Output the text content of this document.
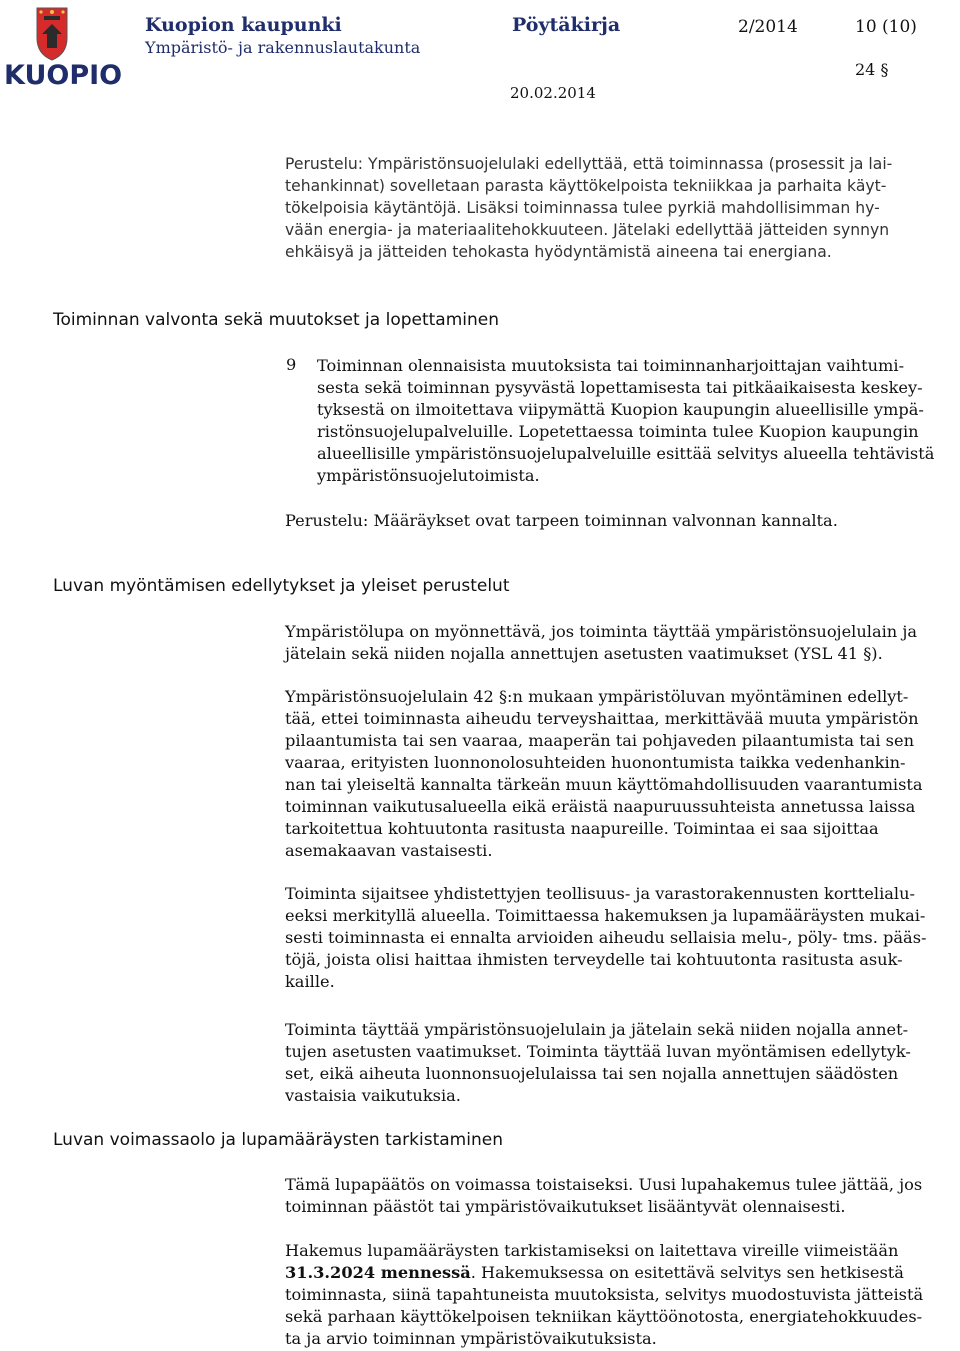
KUOPIO
Kuopion kaupunki	Pöytäkirja	2/2014	10 (10)
Ympäristö- ja rakennuslautakunta
24 §
20.02.2014
Perustelu: Ympäristönsuojelulaki edellyttää, että toiminnassa (prosessit ja lai-
tehankinnat) sovelletaan parasta käyttökelpoista tekniikkaa ja parhaita käyt-
tökelpoisia käytäntöjä. Lisäksi toiminnassa tulee pyrkiä mahdollisimman hy-
vään energia- ja materiaalitehokkuuteen. Jätelaki edellyttää jätteiden synnyn
ehkäisyä ja jätteiden tehokasta hyödyntämistä aineena tai energiana.
Toiminnan valvonta sekä muutokset ja lopettaminen
9 Toiminnan olennaisista muutoksista tai toiminnanharjoittajan vaihtumi-
sesta sekä toiminnan pysyvästä lopettamisesta tai pitkäaikaisesta keskey-
tyksestä on ilmoitettava viipymättä Kuopion kaupungin alueellisille ympä-
ristönsuojelupalveluille. Lopetettaessa toiminta tulee Kuopion kaupungin
alueellisille ympäristönsuojelupalveluille esittää selvitys alueella tehtävistä
ympäristönsuojelutoimista.
Perustelu: Määräykset ovat tarpeen toiminnan valvonnan kannalta.
Luvan myöntämisen edellytykset ja yleiset perustelut
Ympäristölupa on myönnettävä, jos toiminta täyttää ympäristönsuojelulain ja
jätelain sekä niiden nojalla annettujen asetusten vaatimukset (YSL 41 §).
Ympäristönsuojelulain 42 §:n mukaan ympäristöluvan myöntäminen edellyt-
tää, ettei toiminnasta aiheudu terveyshaittaa, merkittävää muuta ympäristön
pilaantumista tai sen vaaraa, maaperän tai pohjaveden pilaantumista tai sen
vaaraa, erityisten luonnonolosuhteiden huonontumista taikka vedenhankin-
nan tai yleiseltä kannalta tärkeän muun käyttömahdollisuuden vaarantumista
toiminnan vaikutusalueella eikä eräistä naapuruussuhteista annetussa laissa
tarkoitettua kohtuutonta rasitusta naapureille. Toimintaa ei saa sijoittaa
asemakaavan vastaisesti.
Toiminta sijaitsee yhdistettyjen teollisuus- ja varastorakennusten korttelialu-
eeksi merkityllä alueella. Toimittaessa hakemuksen ja lupamääräysten mukai-
sesti toiminnasta ei ennalta arvioiden aiheudu sellaisia melu-, pöly- tms. pääs-
töjä, joista olisi haittaa ihmisten terveydelle tai kohtuutonta rasitusta asuk-
kaille.
Toiminta täyttää ympäristönsuojelulain ja jätelain sekä niiden nojalla annet-
tujen asetusten vaatimukset. Toiminta täyttää luvan myöntämisen edellytyk-
set, eikä aiheuta luonnonsuojelulaissa tai sen nojalla annettujen säädösten
vastaisia vaikutuksia.
Luvan voimassaolo ja lupamääräysten tarkistaminen
Tämä lupapäätös on voimassa toistaiseksi. Uusi lupahakemus tulee jättää, jos
toiminnan päästöt tai ympäristövaikutukset lisääntyvät olennaisesti.
Hakemus lupamääräysten tarkistamiseksi on laitettava vireille viimeistään
31.3.2024 mennessä. Hakemuksessa on esitettävä selvitys sen hetkisestä
toiminnasta, siinä tapahtuneista muutoksista, selvitys muodostuvista jätteistä
sekä parhaan käyttökelpoisen tekniikan käyttöönotosta, energiatehokkuudes-
ta ja arvio toiminnan ympäristövaikutuksista.
